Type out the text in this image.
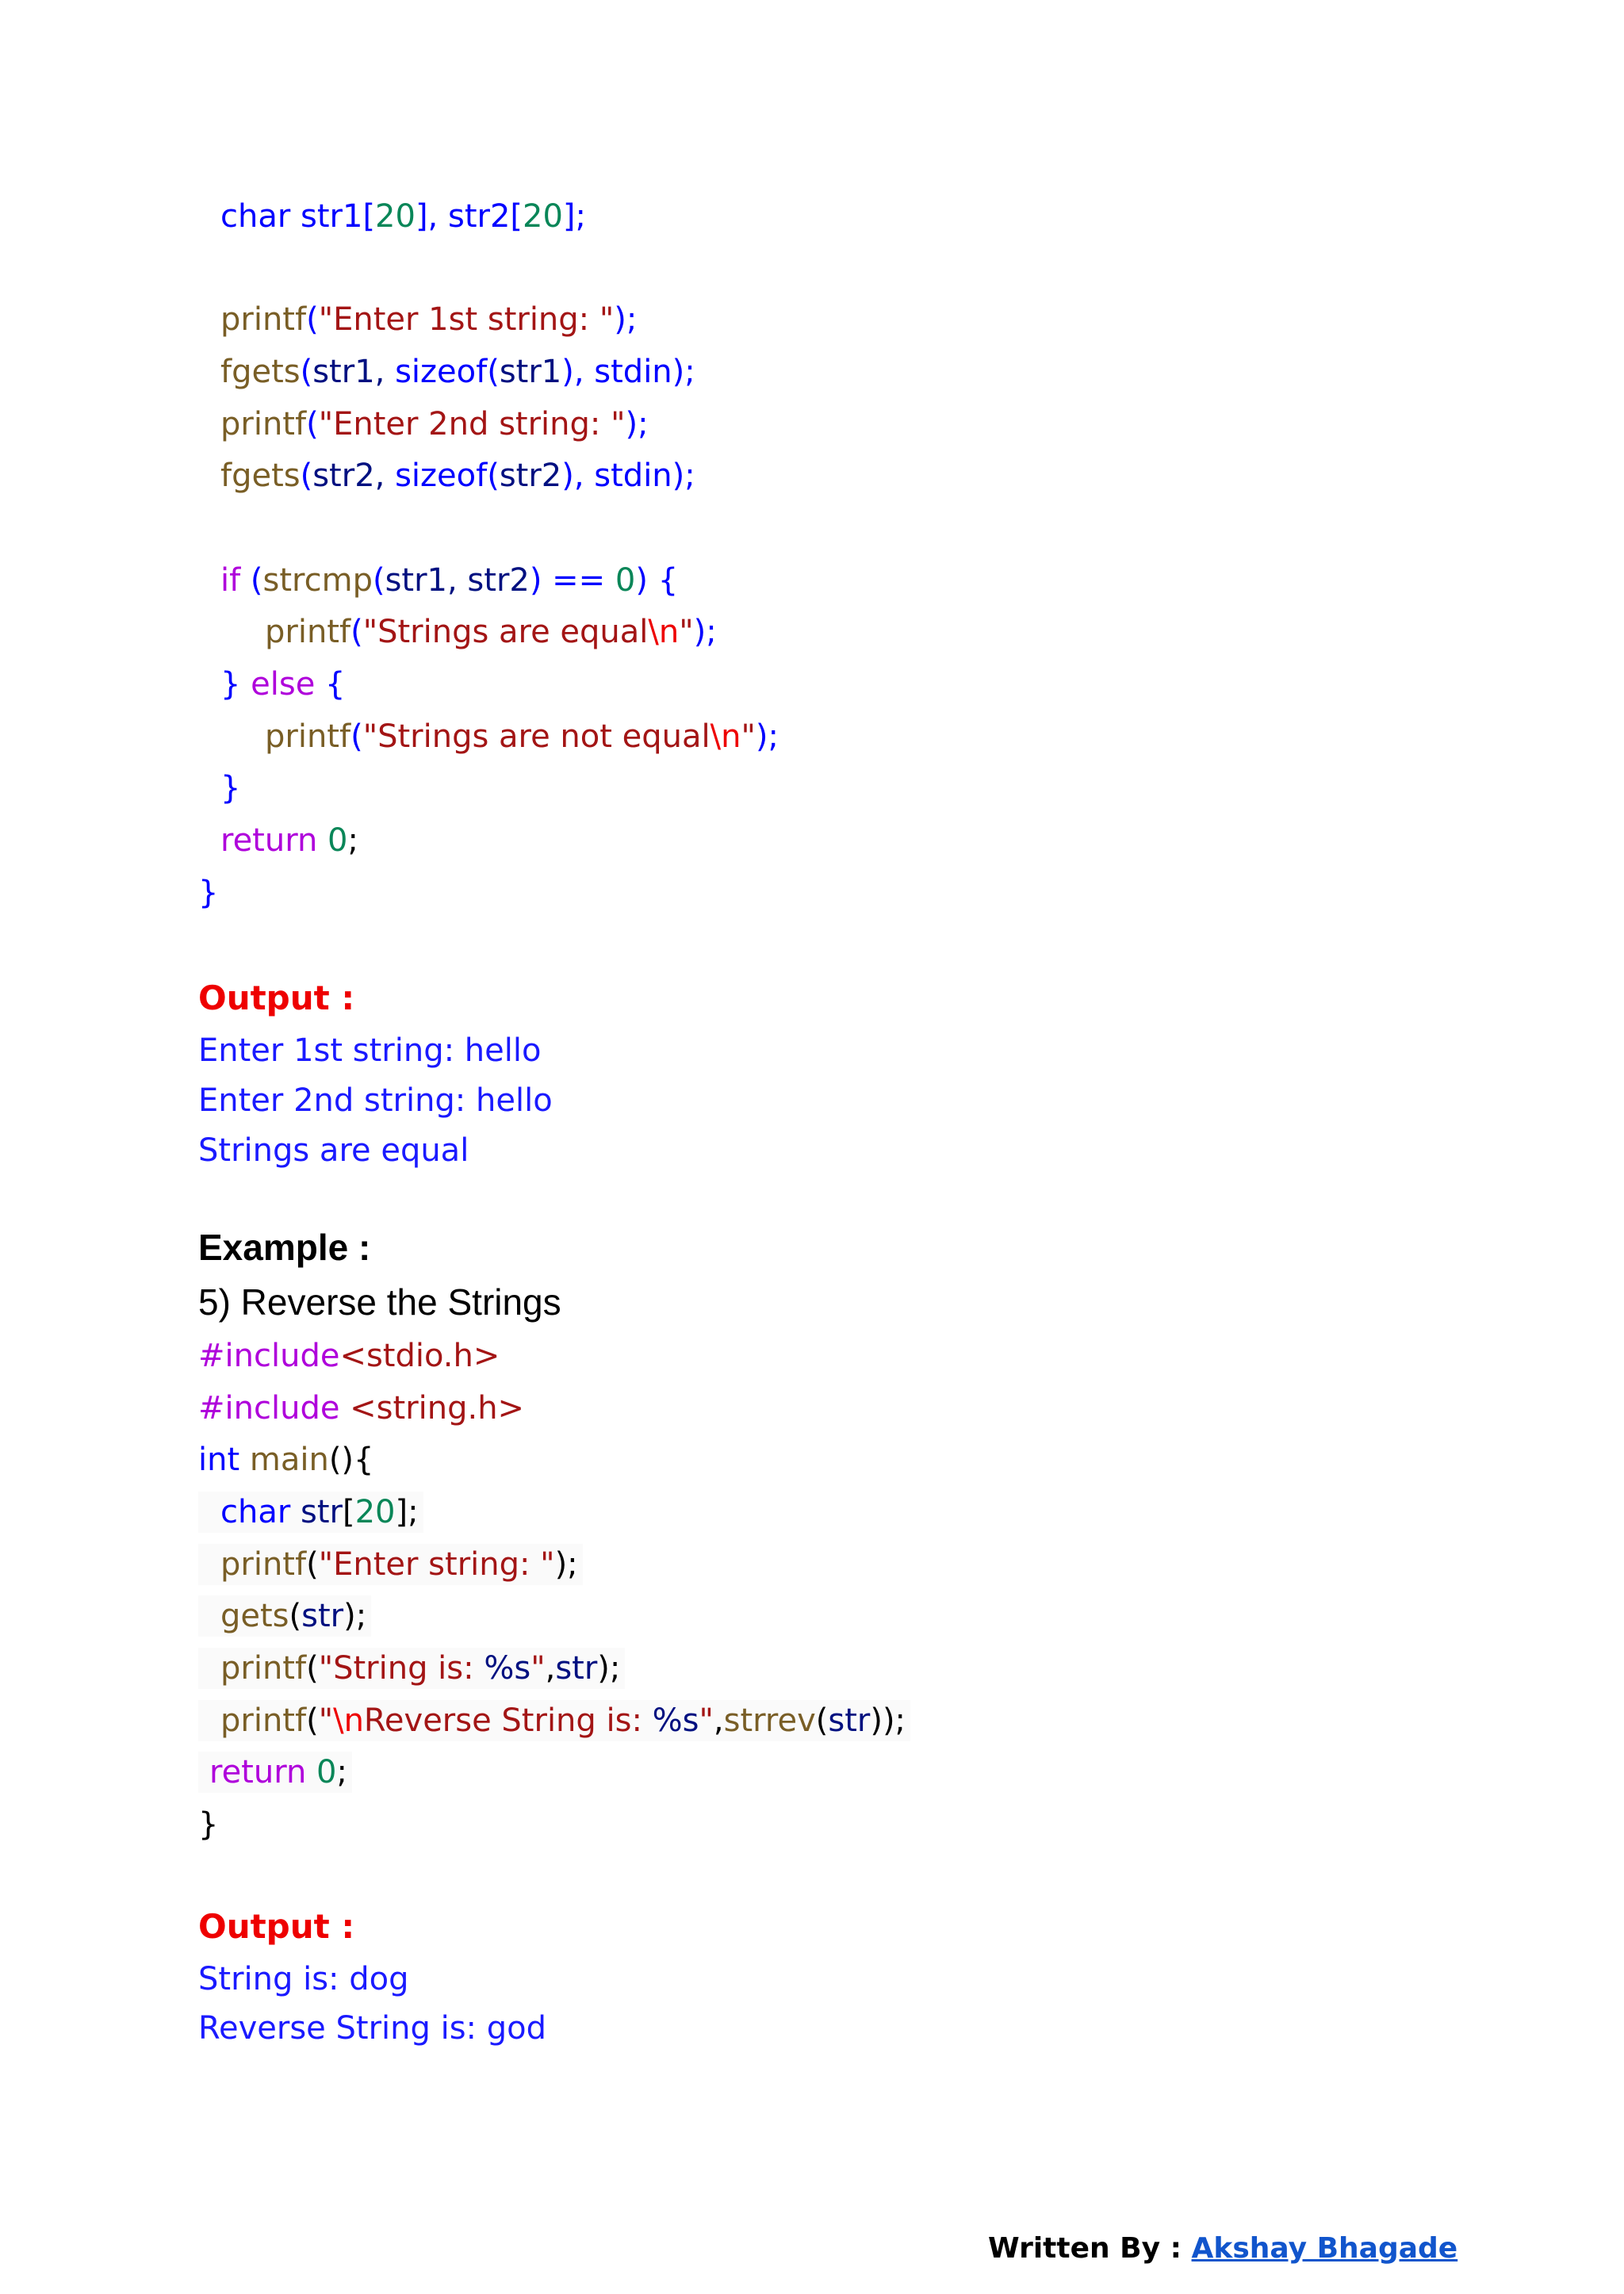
char str1[20], str2[20];
printf("Enter 1st string: ");
fgets(str1, sizeof(str1), stdin);
printf("Enter 2nd string: ");
fgets(str2, sizeof(str2), stdin);
if (strcmp(str1, str2) == 0) {
printf("Strings are equal\n");
} else {
printf("Strings are not equal\n");
}
return 0;
}
Output :
Enter 1st string: hello
Enter 2nd string: hello
Strings are equal
Example :
5) Reverse the Strings
#include<stdio.h>
#include <string.h>
int main(){
char str[20];
printf("Enter string: ");
gets(str);
printf("String is: %s",str);
printf("\nReverse String is: %s",strrev(str));
return 0;
}
Output :
String is: dog
Reverse String is: god
Written By : Akshay Bhagade
